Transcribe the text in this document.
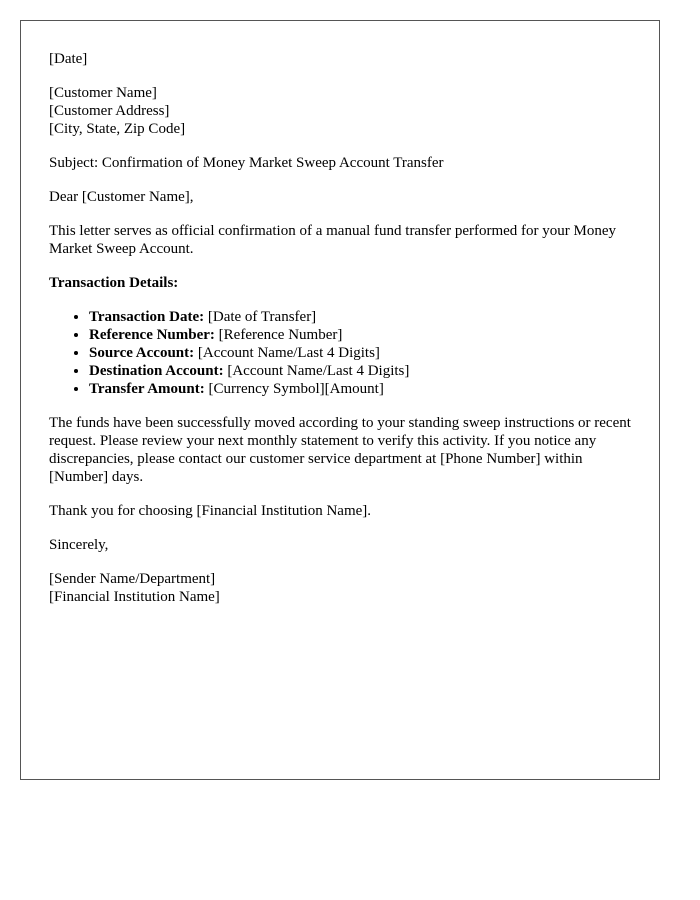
[Date]

[Customer Name]
[Customer Address]
[City, State, Zip Code]

Subject: Confirmation of Money Market Sweep Account Transfer

Dear [Customer Name],

This letter serves as official confirmation of a manual fund transfer performed for your Money Market Sweep Account.

Transaction Details:

• Transaction Date: [Date of Transfer]
• Reference Number: [Reference Number]
• Source Account: [Account Name/Last 4 Digits]
• Destination Account: [Account Name/Last 4 Digits]
• Transfer Amount: [Currency Symbol][Amount]

The funds have been successfully moved according to your standing sweep instructions or recent request. Please review your next monthly statement to verify this activity. If you notice any discrepancies, please contact our customer service department at [Phone Number] within [Number] days.

Thank you for choosing [Financial Institution Name].

Sincerely,

[Sender Name/Department]
[Financial Institution Name]
